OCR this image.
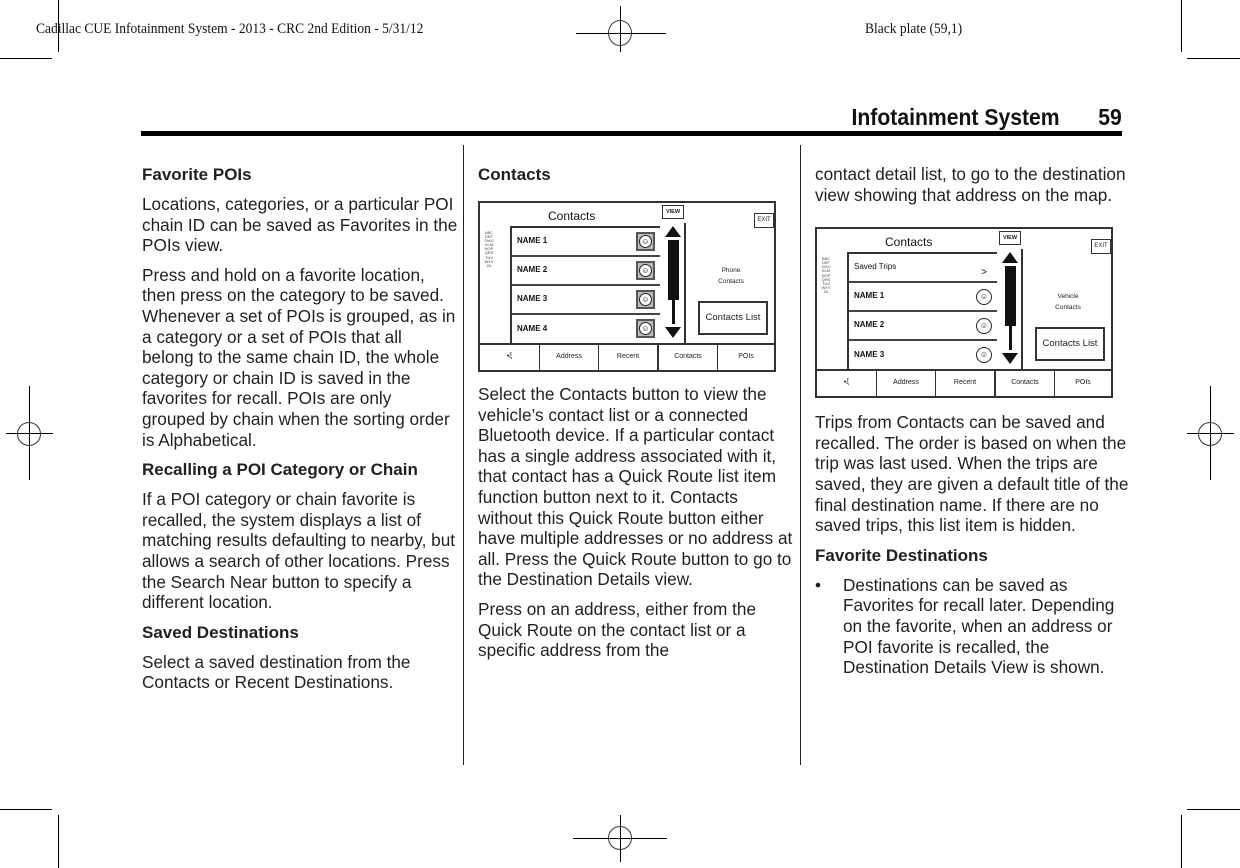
Cadillac CUE Infotainment System - 2013 - CRC 2nd Edition - 5/31/12	Black plate (59,1)
Infotainment System 59
Favorite POIs

Locations, categories, or a particular POI chain ID can be saved as Favorites in the POIs view.

Press and hold on a favorite location, then press on the category to be saved. Whenever a set of POIs is grouped, as in a category or a set of POIs that all belong to the same chain ID, the whole category or chain ID is saved in the favorites for recall. POIs are only grouped by chain when the sorting order is Alphabetical.

Recalling a POI Category or Chain

If a POI category or chain favorite is recalled, the system displays a list of matching results defaulting to nearby, but allows a search of other locations. Press the Search Near button to specify a different location.

Saved Destinations

Select a saved destination from the Contacts or Recent Destinations.

Contacts
Contacts	VIEW
ABCDEFGHIJKLMNOPQRSTUVWXYZ#
NAME 1	☺
NAME 2	☺
NAME 3	☺
NAME 4	☺
EXIT
Phone
Contacts
Contacts List
•ξ	Address	Recent	Contacts	POIs

Select the Contacts button to view the vehicle’s contact list or a connected Bluetooth device. If a particular contact has a single address associated with it, that contact has a Quick Route list item function button next to it. Contacts without this Quick Route button either have multiple addresses or no address at all. Press the Quick Route button to go to the Destination Details view.

Press on an address, either from the Quick Route on the contact list or a specific address from the

contact detail list, to go to the destination view showing that address on the map.

Contacts	VIEW
ABCDEFGHIJKLMNOPQRSTUVWXYZ#
Saved Trips
>
NAME 1	☺
NAME 2	☺
NAME 3	☺
EXIT
Vehicle
Contacts
Contacts List
•ξ	Address	Recent	Contacts	POIs

Trips from Contacts can be saved and recalled. The order is based on when the trip was last used. When the trips are saved, they are given a default title of the final destination name. If there are no saved trips, this list item is hidden.

Favorite Destinations
•	Destinations can be saved as Favorites for recall later. Depending on the favorite, when an address or POI favorite is recalled, the Destination Details View is shown.
